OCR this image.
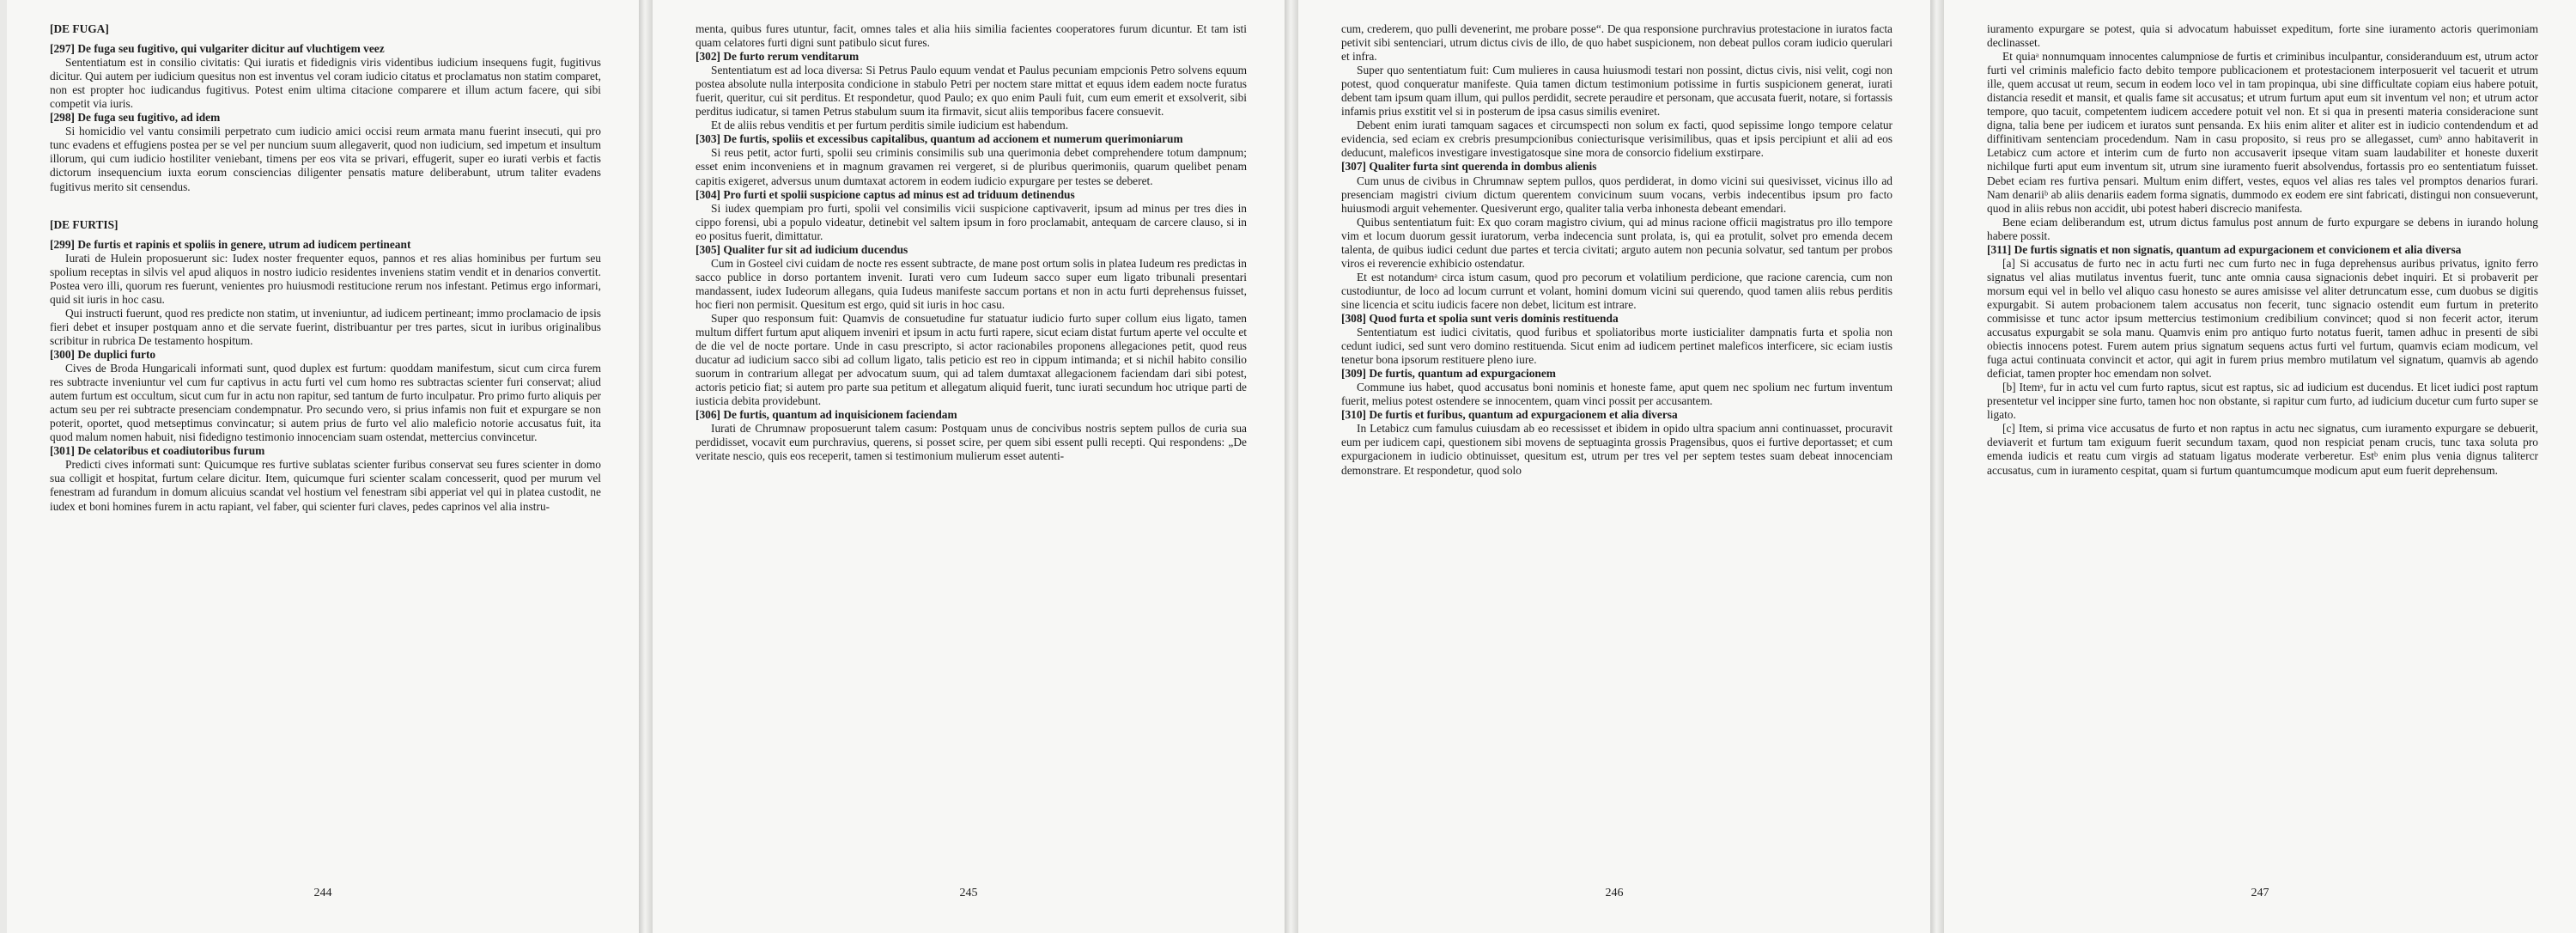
[DE FUGA]
[297] De fuga seu fugitivo, qui vulgariter dicitur auf vluchtigem veez

Sententiatum est in consilio civitatis: Qui iuratis et fidedignis viris videntibus iudicium insequens fugit, fugitivus dicitur. Qui autem per iudicium quesitus non est inventus vel coram iudicio citatus et proclamatus non statim comparet, non est propter hoc iudicandus fugitivus. Potest enim ultima citacione comparere et illum actum facere, qui sibi competit via iuris.

[298] De fuga seu fugitivo, ad idem

Si homicidio vel vantu consimili perpetrato cum iudicio amici occisi reum armata manu fuerint insecuti, qui pro tunc evadens et effugiens postea per se vel per nuncium suum allegaverit, quod non iudicium, sed impetum et insultum illorum, qui cum iudicio hostiliter veniebant, timens per eos vita se privari, effugerit, super eo iurati verbis et factis dictorum insequencium iuxta eorum consciencias diligenter pensatis mature deliberabunt, utrum taliter evadens fugitivus merito sit censendus.

[DE FURTIS]
[299] De furtis et rapinis et spoliis in genere, utrum ad iudicem pertineant

Iurati de Hulein proposuerunt sic: Iudex noster frequenter equos, pannos et res alias hominibus per furtum seu spolium receptas in silvis vel apud aliquos in nostro iudicio residentes inveniens statim vendit et in denarios convertit. Postea vero illi, quorum res fuerunt, venientes pro huiusmodi restitucione rerum nos infestant. Petimus ergo informari, quid sit iuris in hoc casu.

Qui instructi fuerunt, quod res predicte non statim, ut inveniuntur, ad iudicem pertineant; immo proclamacio de ipsis fieri debet et insuper postquam anno et die servate fuerint, distribuantur per tres partes, sicut in iuribus originalibus scribitur in rubrica De testamento hospitum.

[300] De duplici furto

Cives de Broda Hungaricali informati sunt, quod duplex est furtum: quoddam manifestum, sicut cum circa furem res subtracte inveniuntur vel cum fur captivus in actu furti vel cum homo res subtractas scienter furi conservat; aliud autem furtum est occultum, sicut cum fur in actu non rapitur, sed tantum de furto inculpatur. Pro primo furto aliquis per actum seu per rei subtracte presenciam condempnatur. Pro secundo vero, si prius infamis non fuit et expurgare se non poterit, oportet, quod metseptimus convincatur; si autem prius de furto vel alio maleficio notorie accusatus fuit, ita quod malum nomen habuit, nisi fidedigno testimonio innocenciam suam ostendat, mettercius convincetur.

[301] De celatoribus et coadiutoribus furum

Predicti cives informati sunt: Quicumque res furtive sublatas scienter furibus conservat seu fures scienter in domo sua colligit et hospitat, furtum celare dicitur. Item, quicumque furi scienter scalam concesserit, quod per murum vel fenestram ad furandum in domum alicuius scandat vel hostium vel fenestram sibi apperiat vel qui in platea custodit, ne iudex et boni homines furem in actu rapiant, vel faber, qui scienter furi claves, pedes caprinos vel alia instru-

244

menta, quibus fures utuntur, facit, omnes tales et alia hiis similia facientes cooperatores furum dicuntur. Et tam isti quam celatores furti digni sunt patibulo sicut fures.

[302] De furto rerum venditarum

Sententiatum est ad loca diversa: Si Petrus Paulo equum vendat et Paulus pecuniam empcionis Petro solvens equum postea absolute nulla interposita condicione in stabulo Petri per noctem stare mittat et equus idem eadem nocte furatus fuerit, queritur, cui sit perditus. Et respondetur, quod Paulo; ex quo enim Pauli fuit, cum eum emerit et exsolverit, sibi perditus iudicatur, si tamen Petrus stabulum suum ita firmavit, sicut aliis temporibus facere consuevit.

Et de aliis rebus venditis et per furtum perditis simile iudicium est habendum.

[303] De furtis, spoliis et excessibus capitalibus, quantum ad accionem et numerum querimoniarum

Si reus petit, actor furti, spolii seu criminis consimilis sub una querimonia debet comprehendere totum dampnum; esset enim inconveniens et in magnum gravamen rei vergeret, si de pluribus querimoniis, quarum quelibet penam capitis exigeret, adversus unum dumtaxat actorem in eodem iudicio expurgare per testes se deberet.

[304] Pro furti et spolii suspicione captus ad minus est ad triduum detinendus

Si iudex quempiam pro furti, spolii vel consimilis vicii suspicione captivaverit, ipsum ad minus per tres dies in cippo forensi, ubi a populo videatur, detinebit vel saltem ipsum in foro proclamabit, antequam de carcere clauso, si in eo positus fuerit, dimittatur.

[305] Qualiter fur sit ad iudicium ducendus

Cum in Gosteel civi cuidam de nocte res essent subtracte, de mane post ortum solis in platea Iudeum res predictas in sacco publice in dorso portantem invenit. Iurati vero cum Iudeum sacco super eum ligato tribunali presentari mandassent, iudex Iudeorum allegans, quia Iudeus manifeste saccum portans et non in actu furti deprehensus fuisset, hoc fieri non permisit. Quesitum est ergo, quid sit iuris in hoc casu.

Super quo responsum fuit: Quamvis de consuetudine fur statuatur iudicio furto super collum eius ligato, tamen multum differt furtum aput aliquem inveniri et ipsum in actu furti rapere, sicut eciam distat furtum aperte vel occulte et de die vel de nocte portare. Unde in casu prescripto, si actor racionabiles proponens allegaciones petit, quod reus ducatur ad iudicium sacco sibi ad collum ligato, talis peticio est reo in cippum intimanda; et si nichil habito consilio suorum in contrarium allegat per advocatum suum, qui ad talem dumtaxat allegacionem faciendam dari sibi potest, actoris peticio fiat; si autem pro parte sua petitum et allegatum aliquid fuerit, tunc iurati secundum hoc utrique parti de iusticia debita providebunt.

[306] De furtis, quantum ad inquisicionem faciendam

Iurati de Chrumnaw proposuerunt talem casum: Postquam unus de concivibus nostris septem pullos de curia sua perdidisset, vocavit eum purchravius, querens, si posset scire, per quem sibi essent pulli recepti. Qui respondens: „De veritate nescio, quis eos receperit, tamen si testimonium mulierum esset autenti-

245

cum, crederem, quo pulli devenerint, me probare posse“. De qua responsione purchravius protestacione in iuratos facta petivit sibi sentenciari, utrum dictus civis de illo, de quo habet suspicionem, non debeat pullos coram iudicio querulari et infra.

Super quo sententiatum fuit: Cum mulieres in causa huiusmodi testari non possint, dictus civis, nisi velit, cogi non potest, quod conqueratur manifeste. Quia tamen dictum testimonium potissime in furtis suspicionem generat, iurati debent tam ipsum quam illum, qui pullos perdidit, secrete peraudire et personam, que accusata fuerit, notare, si fortassis infamis prius exstitit vel si in posterum de ipsa casus similis eveniret.

Debent enim iurati tamquam sagaces et circumspecti non solum ex facti, quod sepissime longo tempore celatur evidencia, sed eciam ex crebris presumpcionibus coniecturisque verisimilibus, quas et ipsis percipiunt et alii ad eos deducunt, maleficos investigare investigatosque sine mora de consorcio fidelium exstirpare.

[307] Qualiter furta sint querenda in dombus alienis

Cum unus de civibus in Chrumnaw septem pullos, quos perdiderat, in domo vicini sui quesivisset, vicinus illo ad presenciam magistri civium dictum querentem convicinum suum vocans, verbis indecentibus ipsum pro facto huiusmodi arguit vehementer. Quesiverunt ergo, qualiter talia verba inhonesta debeant emendari.

Quibus sententiatum fuit: Ex quo coram magistro civium, qui ad minus racione officii magistratus pro illo tempore vim et locum duorum gessit iuratorum, verba indecencia sunt prolata, is, qui ea protulit, solvet pro emenda decem talenta, de quibus iudici cedunt due partes et tercia civitati; arguto autem non pecunia solvatur, sed tantum per probos viros ei reverencie exhibicio ostendatur.

Et est notandumᵃ circa istum casum, quod pro pecorum et volatilium perdicione, que racione carencia, cum non custodiuntur, de loco ad locum currunt et volant, homini domum vicini sui querendo, quod tamen aliis rebus perditis sine licencia et scitu iudicis facere non debet, licitum est intrare.

[308] Quod furta et spolia sunt veris dominis restituenda

Sententiatum est iudici civitatis, quod furibus et spoliatoribus morte iusticialiter dampnatis furta et spolia non cedunt iudici, sed sunt vero domino restituenda. Sicut enim ad iudicem pertinet maleficos interficere, sic eciam iustis tenetur bona ipsorum restituere pleno iure.

[309] De furtis, quantum ad expurgacionem

Commune ius habet, quod accusatus boni nominis et honeste fame, aput quem nec spolium nec furtum inventum fuerit, melius potest ostendere se innocentem, quam vinci possit per accusantem.

[310] De furtis et furibus, quantum ad expurgacionem et alia diversa

In Letabicz cum famulus cuiusdam ab eo recessisset et ibidem in opido ultra spacium anni continuasset, procuravit eum per iudicem capi, questionem sibi movens de septuaginta grossis Pragensibus, quos ei furtive deportasset; et cum expurgacionem in iudicio obtinuisset, quesitum est, utrum per tres vel per septem testes suam debeat innocenciam demonstrare. Et respondetur, quod solo

246

iuramento expurgare se potest, quia si advocatum habuisset expeditum, forte sine iuramento actoris querimoniam declinasset.

Et quiaᵃ nonnumquam innocentes calumpniose de furtis et criminibus inculpantur, consideranduum est, utrum actor furti vel criminis maleficio facto debito tempore publicacionem et protestacionem interposuerit vel tacuerit et utrum ille, quem accusat ut reum, secum in eodem loco vel in tam propinqua, ubi sine difficultate copiam eius habere potuit, distancia resedit et mansit, et qualis fame sit accusatus; et utrum furtum aput eum sit inventum vel non; et utrum actor tempore, quo tacuit, competentem iudicem accedere potuit vel non. Et si qua in presenti materia consideracione sunt digna, talia bene per iudicem et iuratos sunt pensanda. Ex hiis enim aliter et aliter est in iudicio contendendum et ad diffinitivam sentenciam procedendum. Nam in casu proposito, si reus pro se allegasset, cumᵇ anno habitaverit in Letabicz cum actore et interim cum de furto non accusaverit ipseque vitam suam laudabiliter et honeste duxerit nichilque furti aput eum inventum sit, utrum sine iuramento fuerit absolvendus, fortassis pro eo sententiatum fuisset. Debet eciam res furtiva pensari. Multum enim differt, vestes, equos vel alias res tales vel promptos denarios furari. Nam denariiᵇ ab aliis denariis eadem forma signatis, dummodo ex eodem ere sint fabricati, distingui non consueverunt, quod in aliis rebus non accidit, ubi potest haberi discrecio manifesta.

Bene eciam deliberandum est, utrum dictus famulus post annum de furto expurgare se debens in iurando holung habere possit.

[311] De furtis signatis et non signatis, quantum ad expurgacionem et convicionem et alia diversa

[a] Si accusatus de furto nec in actu furti nec cum furto nec in fuga deprehensus auribus privatus, ignito ferro signatus vel alias mutilatus inventus fuerit, tunc ante omnia causa signacionis debet inquiri. Et si probaverit per morsum equi vel in bello vel aliquo casu honesto se aures amisisse vel aliter detruncatum esse, cum duobus se digitis expurgabit. Si autem probacionem talem accusatus non fecerit, tunc signacio ostendit eum furtum in preterito commisisse et tunc actor ipsum mettercius testimonium credibilium convincet; quod si non fecerit actor, iterum accusatus expurgabit se sola manu. Quamvis enim pro antiquo furto notatus fuerit, tamen adhuc in presenti de sibi obiectis innocens potest. Furem autem prius signatum sequens actus furti vel furtum, quamvis eciam modicum, vel fuga actui continuata convincit et actor, qui agit in furem prius membro mutilatum vel signatum, quamvis ab agendo deficiat, tamen propter hoc emendam non solvet.

[b] Itemᵃ, fur in actu vel cum furto raptus, sicut est raptus, sic ad iudicium est ducendus. Et licet iudici post raptum presentetur vel incipper sine furto, tamen hoc non obstante, si rapitur cum furto, ad iudicium ducetur cum furto super se ligato.

[c] Item, si prima vice accusatus de furto et non raptus in actu nec signatus, cum iuramento expurgare se debuerit, deviaverit et furtum tam exiguum fuerit secundum taxam, quod non respiciat penam crucis, tunc taxa soluta pro emenda iudicis et reatu cum virgis ad statuam ligatus moderate verberetur. Estᵇ enim plus venia dignus talitercr accusatus, cum in iuramento cespitat, quam si furtum quantumcumque modicum aput eum fuerit deprehensum.

247
